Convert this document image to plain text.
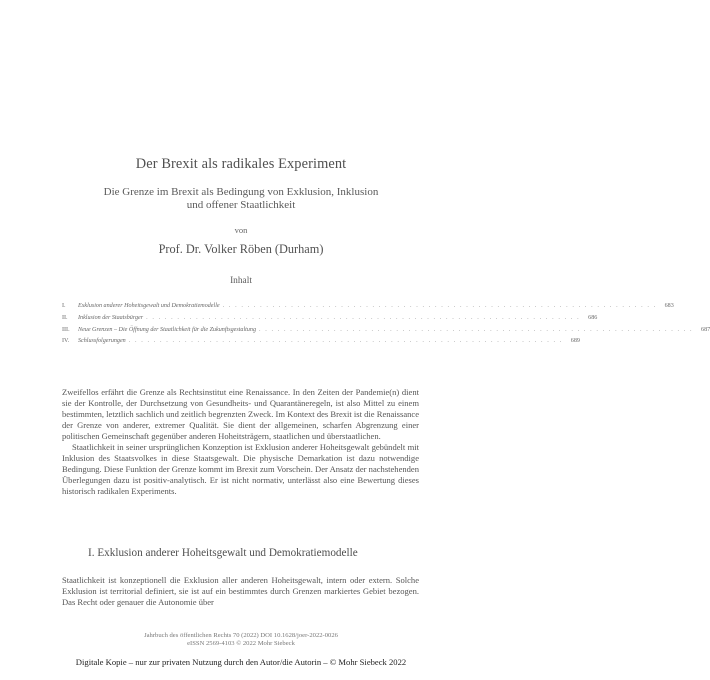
Der Brexit als radikales Experiment
Die Grenze im Brexit als Bedingung von Exklusion, Inklusion
und offener Staatlichkeit
von
Prof. Dr. Volker Röben (Durham)
Inhalt
I.	Exklusion anderer Hoheitsgewalt und Demokratiemodelle . . . . . . . . . . . . . . . . . . . . . . . . . . . . . . . . . . . . . . . . . . . . . . . . . . . . . . . . . . . . . . . . . . . . . .	683
II.	Inklusion der Staatsbürger . . . . . . . . . . . . . . . . . . . . . . . . . . . . . . . . . . . . . . . . . . . . . . . . . . . . . . . . . . . . . . . . . . . . . .	686
III.	Neue Grenzen – Die Öffnung der Staatlichkeit für die Zukunftsgestaltung . . . . . . . . . . . . . . . . . . . . . . . . . . . . . . . . . . . . . . . . . . . . . . . . . . . . . . . . . . . . . . . . . . . . . .	687
IV.	Schlussfolgerungen . . . . . . . . . . . . . . . . . . . . . . . . . . . . . . . . . . . . . . . . . . . . . . . . . . . . . . . . . . . . . . . . . . . . . .	689

Zweifellos erfährt die Grenze als Rechtsinstitut eine Renaissance. In den Zeiten der Pandemie(n) dient sie der Kontrolle, der Durchsetzung von Gesundheits- und Quarantäneregeln, ist also Mittel zu einem bestimmten, letztlich sachlich und zeitlich begrenzten Zweck. Im Kontext des Brexit ist die Renaissance der Grenze von anderer, extremer Qualität. Sie dient der allgemeinen, scharfen Abgrenzung einer politischen Gemeinschaft gegenüber anderen Hoheitsträgern, staatlichen und überstaatlichen.

Staatlichkeit in seiner ursprünglichen Konzeption ist Exklusion anderer Hoheitsgewalt gebündelt mit Inklusion des Staatsvolkes in diese Staatsgewalt. Die physische Demarkation ist dazu notwendige Bedingung. Diese Funktion der Grenze kommt im Brexit zum Vorschein. Der Ansatz der nachstehenden Überlegungen dazu ist positiv-analytisch. Er ist nicht normativ, unterlässt also eine Bewertung dieses historisch radikalen Experiments.

I. Exklusion anderer Hoheitsgewalt und Demokratiemodelle

Staatlichkeit ist konzeptionell die Exklusion aller anderen Hoheitsgewalt, intern oder extern. Solche Exklusion ist territorial definiert, sie ist auf ein bestimmtes durch Grenzen markiertes Gebiet bezogen. Das Recht oder genauer die Autonomie über

Jahrbuch des öffentlichen Rechts 70 (2022) DOI 10.1628/joer-2022-0026
eISSN 2569-4103 © 2022 Mohr Siebeck
Digitale Kopie – nur zur privaten Nutzung durch den Autor/die Autorin – © Mohr Siebeck 2022
